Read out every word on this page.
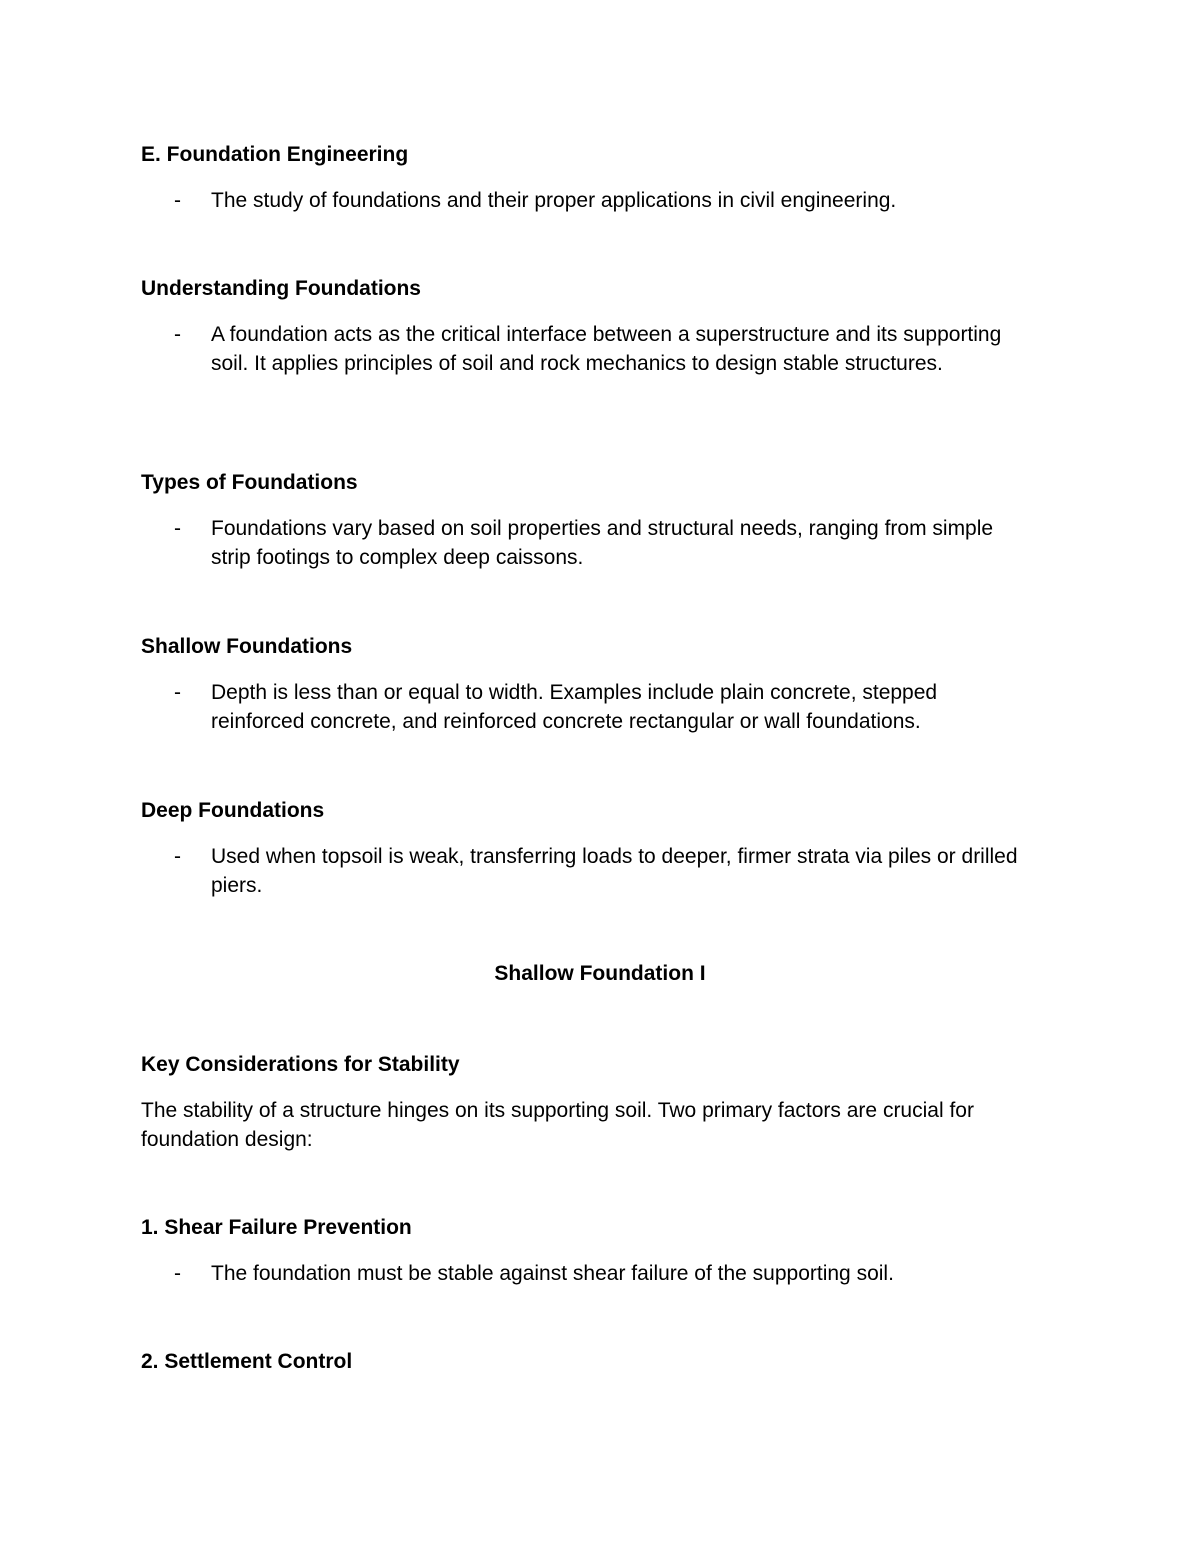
E. Foundation Engineering
-	The study of foundations and their proper applications in civil engineering.
Understanding Foundations
-	A foundation acts as the critical interface between a superstructure and its supporting soil. It applies principles of soil and rock mechanics to design stable structures.
Types of Foundations
-	Foundations vary based on soil properties and structural needs, ranging from simple strip footings to complex deep caissons.
Shallow Foundations
-	Depth is less than or equal to width. Examples include plain concrete, stepped reinforced concrete, and reinforced concrete rectangular or wall foundations.
Deep Foundations
-	Used when topsoil is weak, transferring loads to deeper, firmer strata via piles or drilled piers.
Shallow Foundation I
Key Considerations for Stability

The stability of a structure hinges on its supporting soil. Two primary factors are crucial for foundation design:

1. Shear Failure Prevention
-	The foundation must be stable against shear failure of the supporting soil.
2. Settlement Control
